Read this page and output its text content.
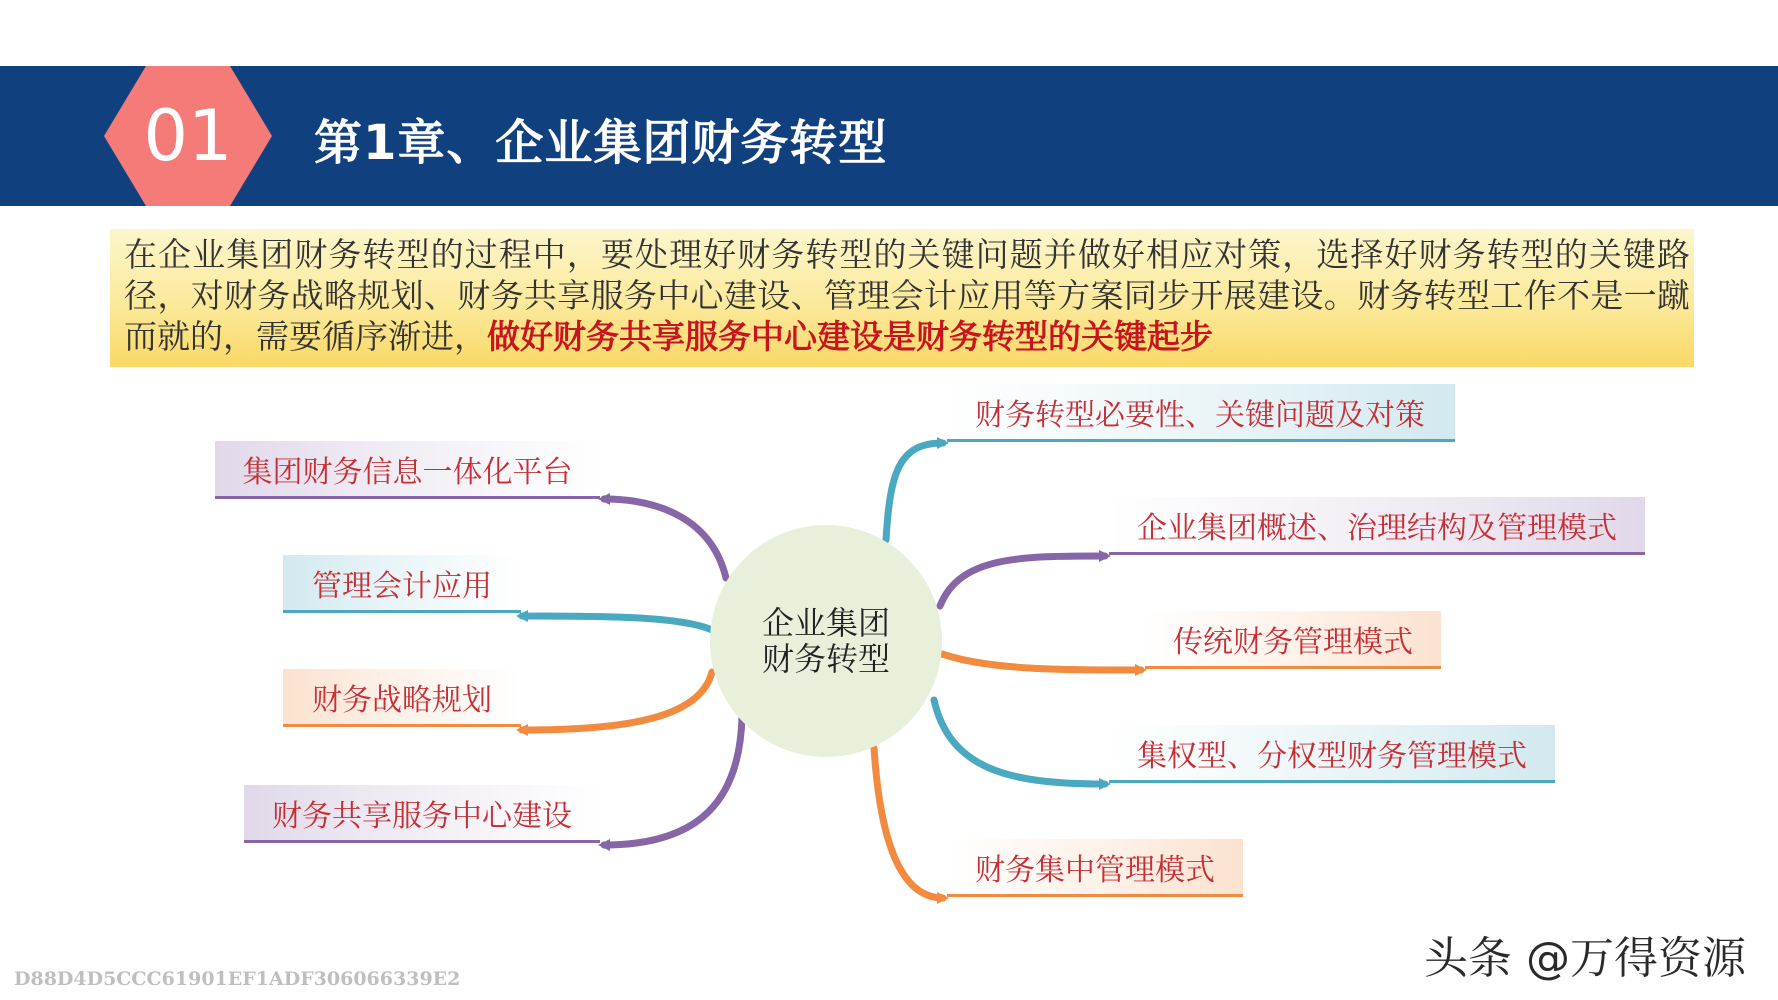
01	第1章、企业集团财务转型
在企业集团财务转型的过程中，要处理好财务转型的关键问题并做好相应对策，选择好财务转型的关键路径，对财务战略规划、财务共享服务中心建设、管理会计应用等方案同步开展建设。财务转型工作不是一蹴而就的，需要循序渐进，做好财务共享服务中心建设是财务转型的关键起步
企业集团
财务转型
集团财务信息一体化平台
管理会计应用
财务战略规划
财务共享服务中心建设
财务转型必要性、关键问题及对策
企业集团概述、治理结构及管理模式
传统财务管理模式
集权型、分权型财务管理模式
财务集中管理模式
头条 @万得资源
D88D4D5CCC61901EF1ADF306066339E2
